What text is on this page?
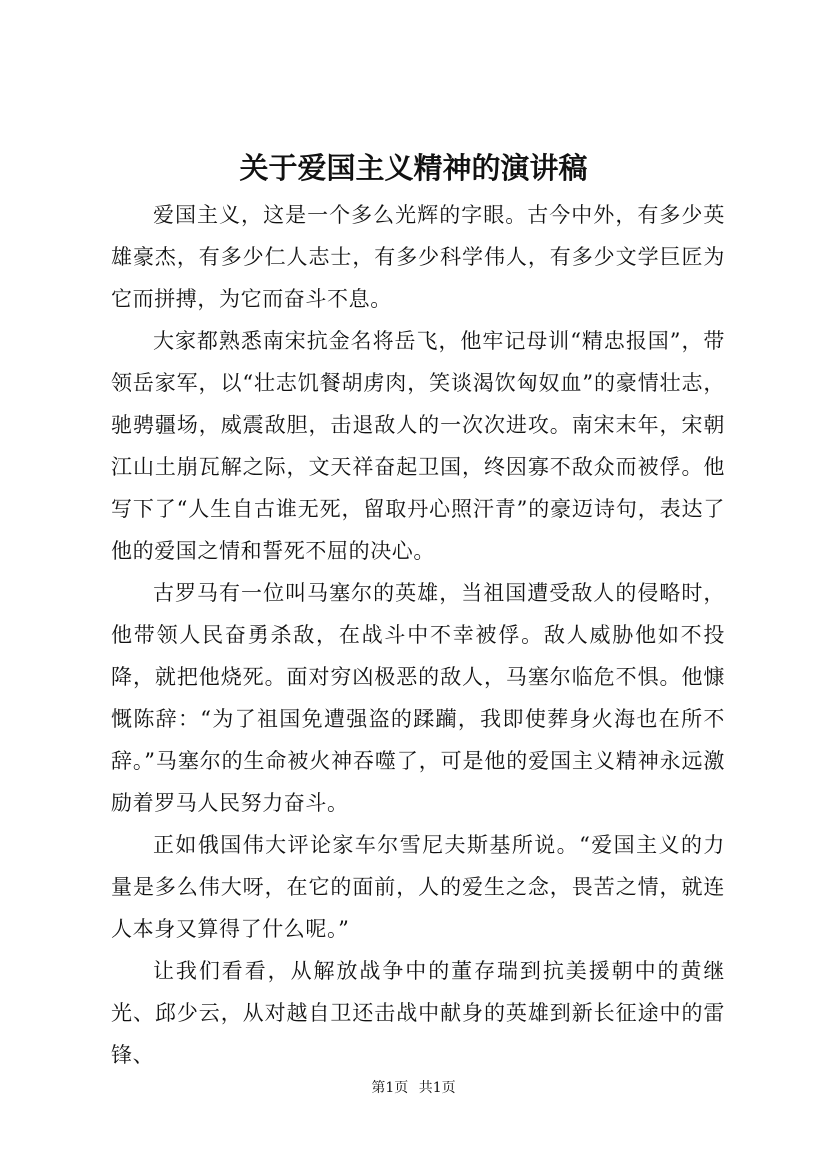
关于爱国主义精神的演讲稿

爱国主义，这是一个多么光辉的字眼。古今中外，有多少英雄豪杰，有多少仁人志士，有多少科学伟人，有多少文学巨匠为它而拼搏，为它而奋斗不息。

大家都熟悉南宋抗金名将岳飞，他牢记母训“精忠报国”，带领岳家军，以“壮志饥餐胡虏肉，笑谈渴饮匈奴血”的豪情壮志，驰骋疆场，威震敌胆，击退敌人的一次次进攻。南宋末年，宋朝江山土崩瓦解之际，文天祥奋起卫国，终因寡不敌众而被俘。他写下了“人生自古谁无死，留取丹心照汗青”的豪迈诗句，表达了他的爱国之情和誓死不屈的决心。

古罗马有一位叫马塞尔的英雄，当祖国遭受敌人的侵略时，他带领人民奋勇杀敌，在战斗中不幸被俘。敌人威胁他如不投降，就把他烧死。面对穷凶极恶的敌人，马塞尔临危不惧。他慷慨陈辞：“为了祖国免遭强盗的蹂躏，我即使葬身火海也在所不辞。”马塞尔的生命被火神吞噬了，可是他的爱国主义精神永远激励着罗马人民努力奋斗。

正如俄国伟大评论家车尔雪尼夫斯基所说。“爱国主义的力量是多么伟大呀，在它的面前，人的爱生之念，畏苦之情，就连人本身又算得了什么呢。”

让我们看看，从解放战争中的董存瑞到抗美援朝中的黄继光、邱少云，从对越自卫还击战中献身的英雄到新长征途中的雷锋、

第1页 共1页
